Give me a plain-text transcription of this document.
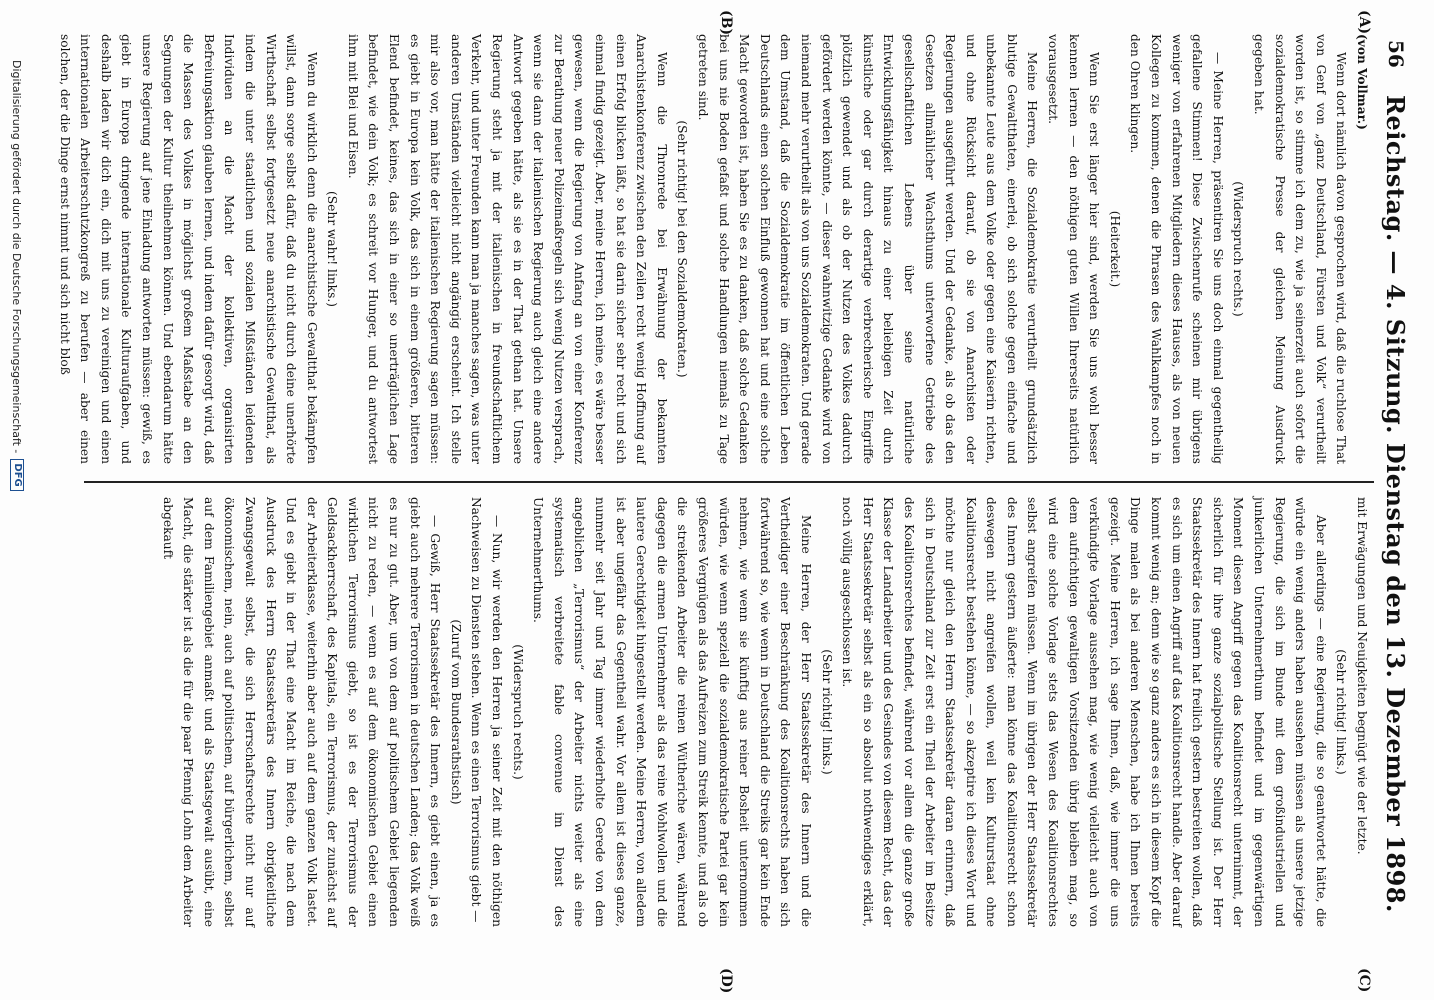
56
Reichstag. — 4. Sitzung. Dienstag den 13. Dezember 1898.
(A)
(B)
(C)
(D)

(von Vollmar.)

Wenn dort nämlich davon gesprochen wird, daß die ruchlose That von Genf von „ganz Deutschland, Fürsten und Volk“ verurtheilt worden ist, so stimme ich dem zu, wie ja seinerzeit auch sofort die sozialdemokratische Presse der gleichen Meinung Ausdruck gegeben hat.

(Widerspruch rechts.)

— Meine Herren, präsentiren Sie uns doch einmal gegentheilig gefallene Stimmen! Diese Zwischenrufe scheinen mir übrigens weniger von erfahrenen Mitgliedern dieses Hauses, als von neuen Kollegen zu kommen, denen die Phrasen des Wahlkampfes noch in den Ohren klingen.

(Heiterkeit.)

Wenn Sie erst länger hier sind, werden Sie uns wohl besser kennen lernen — den nöthigen guten Willen Ihrerseits natürlich vorausgesetzt.

Meine Herren, die Sozialdemokratie verurtheilt grundsätzlich blutige Gewaltthaten, einerlei, ob sich solche gegen einfache und unbekannte Leute aus dem Volke oder gegen eine Kaiserin richten, und ohne Rücksicht darauf, ob sie von Anarchisten oder Regierungen ausgeführt werden. Und der Gedanke, als ob das den Gesetzen allmählicher Wachsthums unterworfene Getriebe des gesellschaftlichen Lebens über seine natürliche Entwicklungsfähigkeit hinaus zu einer beliebigen Zeit durch künstliche oder gar durch derartige verbrecherische Eingriffe plötzlich gewendet und als ob der Nutzen des Volkes dadurch gefördert werden könnte, — dieser wahnwitzige Gedanke wird von niemand mehr verurtheilt als von uns Sozialdemokraten. Und gerade dem Umstand, daß die Sozialdemokratie im öffentlichen Leben Deutschlands einen solchen Einfluß gewonnen hat und eine solche Macht geworden ist, haben Sie es zu danken, daß solche Gedanken bei uns nie Boden gefaßt und solche Handlungen niemals zu Tage getreten sind.

(Sehr richtig! bei den Sozialdemokraten.)

Wenn die Thronrede bei Erwähnung der bekannten Anarchistenkonferenz zwischen den Zeilen recht wenig Hoffnung auf einen Erfolg blicken läßt, so hat sie darin sicher sehr recht und sich einmal findig gezeigt. Aber, meine Herren, ich meine, es wäre besser gewesen, wenn die Regierung von Anfang an von einer Konferenz zur Berathung neuer Polizeimaßregeln sich wenig Nutzen versprach, wenn sie dann der italienischen Regierung auch gleich eine andere Antwort gegeben hätte, als sie es in der That gethan hat. Unsere Regierung steht ja mit der italienischen in freundschaftlichem Verkehr, und unter Freunden kann man ja manches sagen, was unter anderen Umständen vielleicht nicht angängig erscheint. Ich stelle mir also vor, man hätte der italienischen Regierung sagen müssen: es giebt in Europa kein Volk, das sich in einem größeren, bitteren Elend befindet, keines, das sich in einer so unerträglichen Lage befindet, wie dein Volk; es schreit vor Hunger, und du antwortest ihm mit Blei und Eisen.

(Sehr wahr! links.)

Wenn du wirklich denn die anarchistische Gewaltthat bekämpfen willst, dann sorge selbst dafür, daß du nicht durch deine unerhörte Wirthschaft selbst fortgesetzt neue anarchistische Gewaltthat, als indem die unter staatlichen und sozialen Mißständen leidenden Individuen an die Macht der kollektiven, organisirten Befreiungsaktion glauben lernen, und indem dafür gesorgt wird, daß die Massen des Volkes in möglichst großem Maßstabe an den Segnungen der Kultur theilnehmen können. Und ebendarum hätte unsere Regierung auf jene Einladung antworten müssen: gewiß, es giebt in Europa dringende internationale Kulturaufgaben, und deshalb laden wir dich ein, dich mit uns zu vereinigen und einen internationalen Arbeiterschutzkongreß zu berufen — aber einen solchen, der die Dinge ernst nimmt und sich nicht bloß

mit Erwägungen und Neuigkeiten begnügt wie der letzte.

(Sehr richtig! links.)

Aber allerdings — eine Regierung, die so geantwortet hätte, die würde ein wenig anders haben aussehen müssen als unsere jetzige Regierung, die sich im Bunde mit dem großindustriellen und junkerlichen Unternehmerthum befindet und im gegenwärtigen Moment diesen Angriff gegen das Koalitionsrecht unternimmt, der sicherlich für ihre ganze sozialpolitische Stellung ist. Der Herr Staatssekretär des Innern hat freilich gestern bestreiten wollen, daß es sich um einen Angriff auf das Koalitionsrecht handle. Aber darauf kommt wenig an; denn wie so ganz anders es sich in diesem Kopf die Dinge malen als bei anderen Menschen, habe ich Ihnen bereits gezeigt. Meine Herren, ich sage Ihnen, daß, wie immer die uns verkündigte Vorlage aussehen mag, wie wenig vielleicht auch von dem aufrichtigen gewaltigen Vorsitzenden übrig bleiben mag, so wird eine solche Vorlage stets das Wesen des Koalitionsrechtes selbst angreifen müssen. Wenn im übrigen der Herr Staatssekretär des Innern gestern äußerte: man könne das Koalitionsrecht schon deswegen nicht angreifen wollen, weil kein Kulturstaat ohne Koalitionsrecht bestehen könne, — so akzeptire ich dieses Wort und möchte nur gleich den Herrn Staatssekretär daran erinnern, daß sich in Deutschland zur Zeit erst ein Theil der Arbeiter im Besitze des Koalitionsrechtes befindet, während vor allem die ganze große Klasse der Landarbeiter und des Gesindes von diesem Recht, das der Herr Staatssekretär selbst als ein so absolut nothwendiges erklärt, noch völlig ausgeschlossen ist.

(Sehr richtig! links.)

Meine Herren, der Herr Staatssekretär des Innern und die Vertheidiger einer Beschränkung des Koalitionsrechts haben sich fortwährend so, wie wenn in Deutschland die Streiks gar kein Ende nehmen, wie wenn sie künftig aus reiner Bosheit unternommen würden, wie wenn speziell die sozialdemokratische Partei gar kein größeres Vergnügen als das Aufreizen zum Streik kennte, und als ob die streikenden Arbeiter die reinen Wütheriche wären, während dagegen die armen Unternehmer als das reine Wohlwollen und die lautere Gerechtigkeit hingestellt werden. Meine Herren, von alledem ist aber ungefähr das Gegentheil wahr. Vor allem ist dieses ganze, nunmehr seit Jahr und Tag immer wiederholte Gerede von dem angeblichen „Terrorismus“ der Arbeiter nichts weiter als eine systematisch verbreitete fable convenue im Dienst des Unternehmerthums.

(Widerspruch rechts.)

— Nun, wir werden den Herren ja seiner Zeit mit den nöthigen Nachweisen zu Diensten stehen. Wenn es einen Terrorismus giebt —

(Zuruf vom Bundesrathstisch)

— Gewiß, Herr Staatssekretär des Innern, es giebt einen, ja es giebt auch mehrere Terrorismen in deutschen Landen; das Volk weiß es nur zu gut. Aber, um von dem auf politischem Gebiet liegenden nicht zu reden, — wenn es auf dem ökonomischen Gebiet einen wirklichen Terrorismus giebt, so ist es der Terrorismus der Geldsackherrschaft, des Kapitals, ein Terrorismus, der zunächst auf der Arbeiterklasse, weiterhin aber auch auf dem ganzen Volk lastet. Und es giebt in der That eine Macht im Reiche, die nach dem Ausdruck des Herrn Staatssekretärs des Innern obrigkeitliche Zwangsgewalt selbst, die sich Herrschaftsrechte nicht nur auf ökonomischem, nein, auch auf politischem, auf bürgerlichem, selbst auf dem Familiengebiet anmaßt und als Staatsgewalt ausübt, eine Macht, die stärker ist als die für die paar Pfennig Lohn dem Arbeiter abgekauft

Digitalisierung gefördert durch die Deutsche Forschungsgemeinschaft -
DFG
